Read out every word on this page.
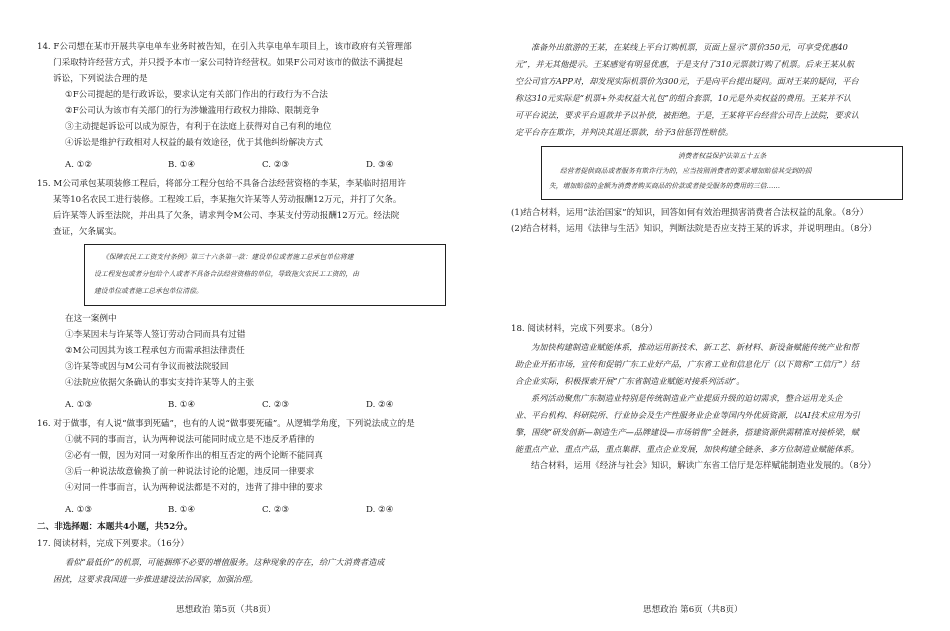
14. F公司想在某市开展共享电单车业务时被告知，在引入共享电单车项目上，该市政府有关管理部
门采取特许经营方式，并只授予本市一家公司特许经营权。如果F公司对该市的做法不满提起
诉讼，下列说法合理的是
①F公司提起的是行政诉讼，要求认定有关部门作出的行政行为不合法
②F公司认为该市有关部门的行为涉嫌滥用行政权力排除、限制竞争
③主动提起诉讼可以成为原告，有利于在法庭上获得对自己有利的地位
④诉讼是维护行政相对人权益的最有效途径，优于其他纠纷解决方式
A. ①②	B. ①④	C. ②③	D. ③④
15. M公司承包某项装修工程后，将部分工程分包给不具备合法经营资格的李某，李某临时招用许
某等10名农民工进行装修。工程竣工后，李某拖欠许某等人劳动报酬12万元，并打了欠条。
后许某等人诉至法院，并出具了欠条，请求判令M公司、李某支付劳动报酬12万元。经法院
查证，欠条属实。
《保障农民工工资支付条例》第三十六条第一款：建设单位或者施工总承包单位将建
设工程发包或者分包给个人或者不具备合法经营资格的单位，导致拖欠农民工工资的，由
建设单位或者施工总承包单位清偿。
在这一案例中
①李某因未与许某等人签订劳动合同而具有过错
②M公司因其为该工程承包方而需承担法律责任
③许某等或因与M公司有争议而被法院驳回
④法院应依据欠条确认的事实支持许某等人的主张
A. ①③	B. ①④	C. ②③	D. ②④
16. 对于做事，有人说“做事到死磕”，也有的人说“做事要死磕”。从逻辑学角度，下列说法成立的是
①就不同的事而言，认为两种说法可能同时成立是不违反矛盾律的
②必有一假，因为对同一对象所作出的相互否定的两个论断不能同真
③后一种说法故意偷换了前一种说法讨论的论题，违反同一律要求
④对同一件事而言，认为两种说法都是不对的，违背了排中律的要求
A. ①③	B. ①④	C. ②③	D. ②④
二、非选择题：本题共4小题，共52分。
17. 阅读材料，完成下列要求。（16分）
看似“最低价”的机票，可能捆绑不必要的增值服务。这种现象的存在，给广大消费者造成
困扰，这要求我国进一步推进建设法治国家，加强治理。
思想政治 第5页（共8页）
准备外出旅游的王某，在某线上平台订购机票，页面上显示“票价350元，可享受优惠40
元”，并无其他提示。王某感觉有明显优惠，于是支付了310元票款订购了机票。后来王某从航
空公司官方APP对，却发现实际机票价为300元，于是向平台提出疑问。面对王某的疑问，平台
称这310元实际是“机票+外卖权益大礼包”的组合套票，10元是外卖权益的费用。王某并不认
可平台说法，要求平台退款并予以补偿，被拒绝。于是，王某将平台经营公司告上法院，要求认
定平台存在欺诈，并判决其退还票款，给予3倍惩罚性赔偿。
消费者权益保护法第五十五条
经营者提供商品或者服务有欺诈行为的，应当按照消费者的要求增加赔偿其受到的损
失，增加赔偿的金额为消费者购买商品的价款或者接受服务的费用的三倍……
(1)结合材料，运用“法治国家”的知识，回答如何有效治理损害消费者合法权益的乱象。（8分）
(2)结合材料，运用《法律与生活》知识，判断法院是否应支持王某的诉求，并说明理由。（8分）
18. 阅读材料，完成下列要求。（8分）
为加快构建制造业赋能体系，推动运用新技术、新工艺、新材料、新设备赋能传统产业和帮
助企业开拓市场，宣传和促销广东工业好产品，广东省工业和信息化厅（以下简称“工信厅”）结
合企业实际，积极探索开展“广东省制造业赋能对接系列活动”。
系列活动聚焦广东制造业特别是传统制造业产业提质升级的迫切需求，整合运用龙头企
业、平台机构、科研院所、行业协会及生产性服务业企业等国内外优质资源，以AI技术应用为引
擎，围绕“研发创新—制造生产—品牌建设—市场销售”全链条，搭建资源供需精准对接桥梁，赋
能重点产业、重点产品，重点集群、重点企业发展，加快构建全链条、多方位制造业赋能体系。
结合材料，运用《经济与社会》知识，解读广东省工信厅是怎样赋能制造业发展的。（8分）
思想政治 第6页（共8页）
